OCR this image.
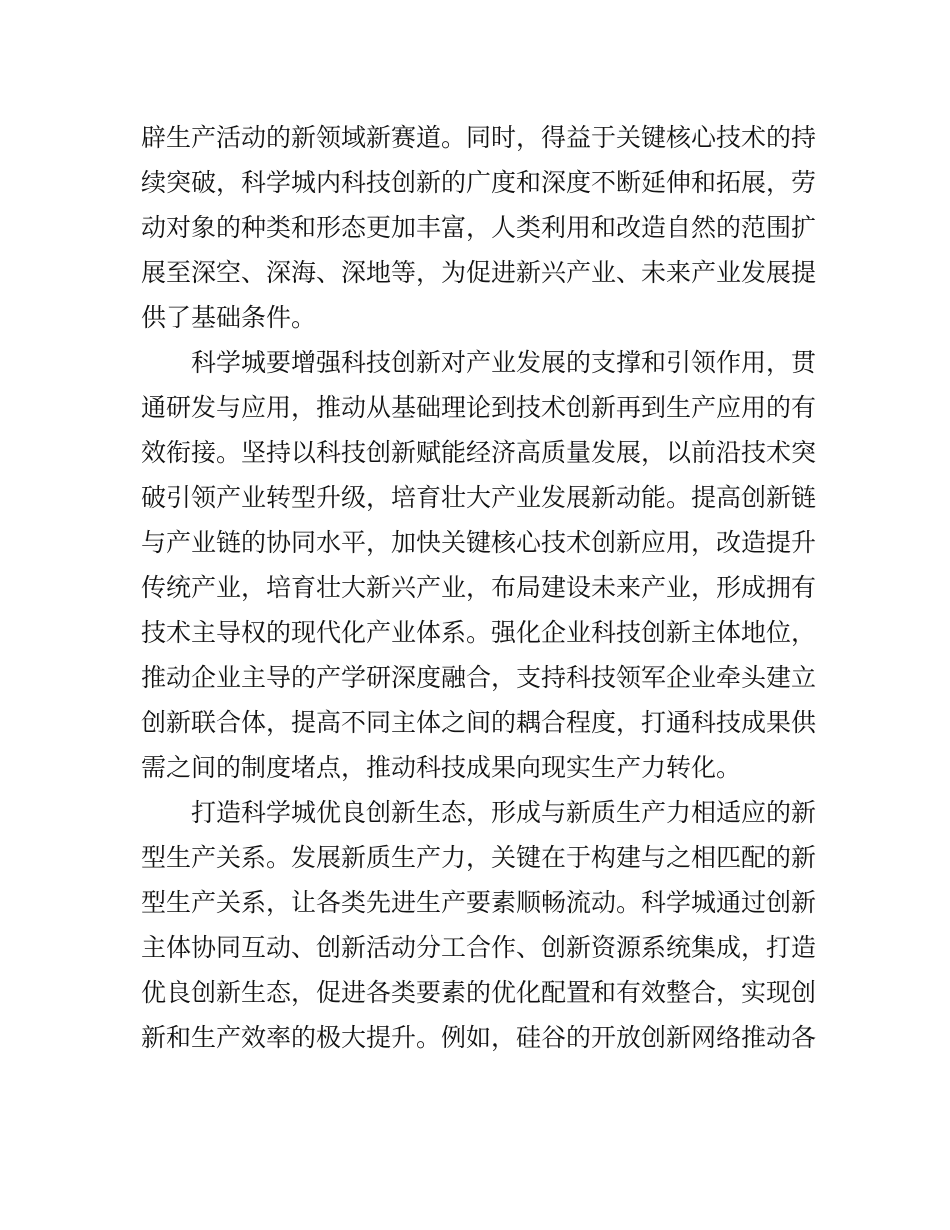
辟生产活动的新领域新赛道。同时，得益于关键核心技术的持
续突破，科学城内科技创新的广度和深度不断延伸和拓展，劳
动对象的种类和形态更加丰富，人类利用和改造自然的范围扩
展至深空、深海、深地等，为促进新兴产业、未来产业发展提
供了基础条件。
科学城要增强科技创新对产业发展的支撑和引领作用，贯
通研发与应用，推动从基础理论到技术创新再到生产应用的有
效衔接。坚持以科技创新赋能经济高质量发展，以前沿技术突
破引领产业转型升级，培育壮大产业发展新动能。提高创新链
与产业链的协同水平，加快关键核心技术创新应用，改造提升
传统产业，培育壮大新兴产业，布局建设未来产业，形成拥有
技术主导权的现代化产业体系。强化企业科技创新主体地位，
推动企业主导的产学研深度融合，支持科技领军企业牵头建立
创新联合体，提高不同主体之间的耦合程度，打通科技成果供
需之间的制度堵点，推动科技成果向现实生产力转化。
打造科学城优良创新生态，形成与新质生产力相适应的新
型生产关系。发展新质生产力，关键在于构建与之相匹配的新
型生产关系，让各类先进生产要素顺畅流动。科学城通过创新
主体协同互动、创新活动分工合作、创新资源系统集成，打造
优良创新生态，促进各类要素的优化配置和有效整合，实现创
新和生产效率的极大提升。例如，硅谷的开放创新网络推动各
